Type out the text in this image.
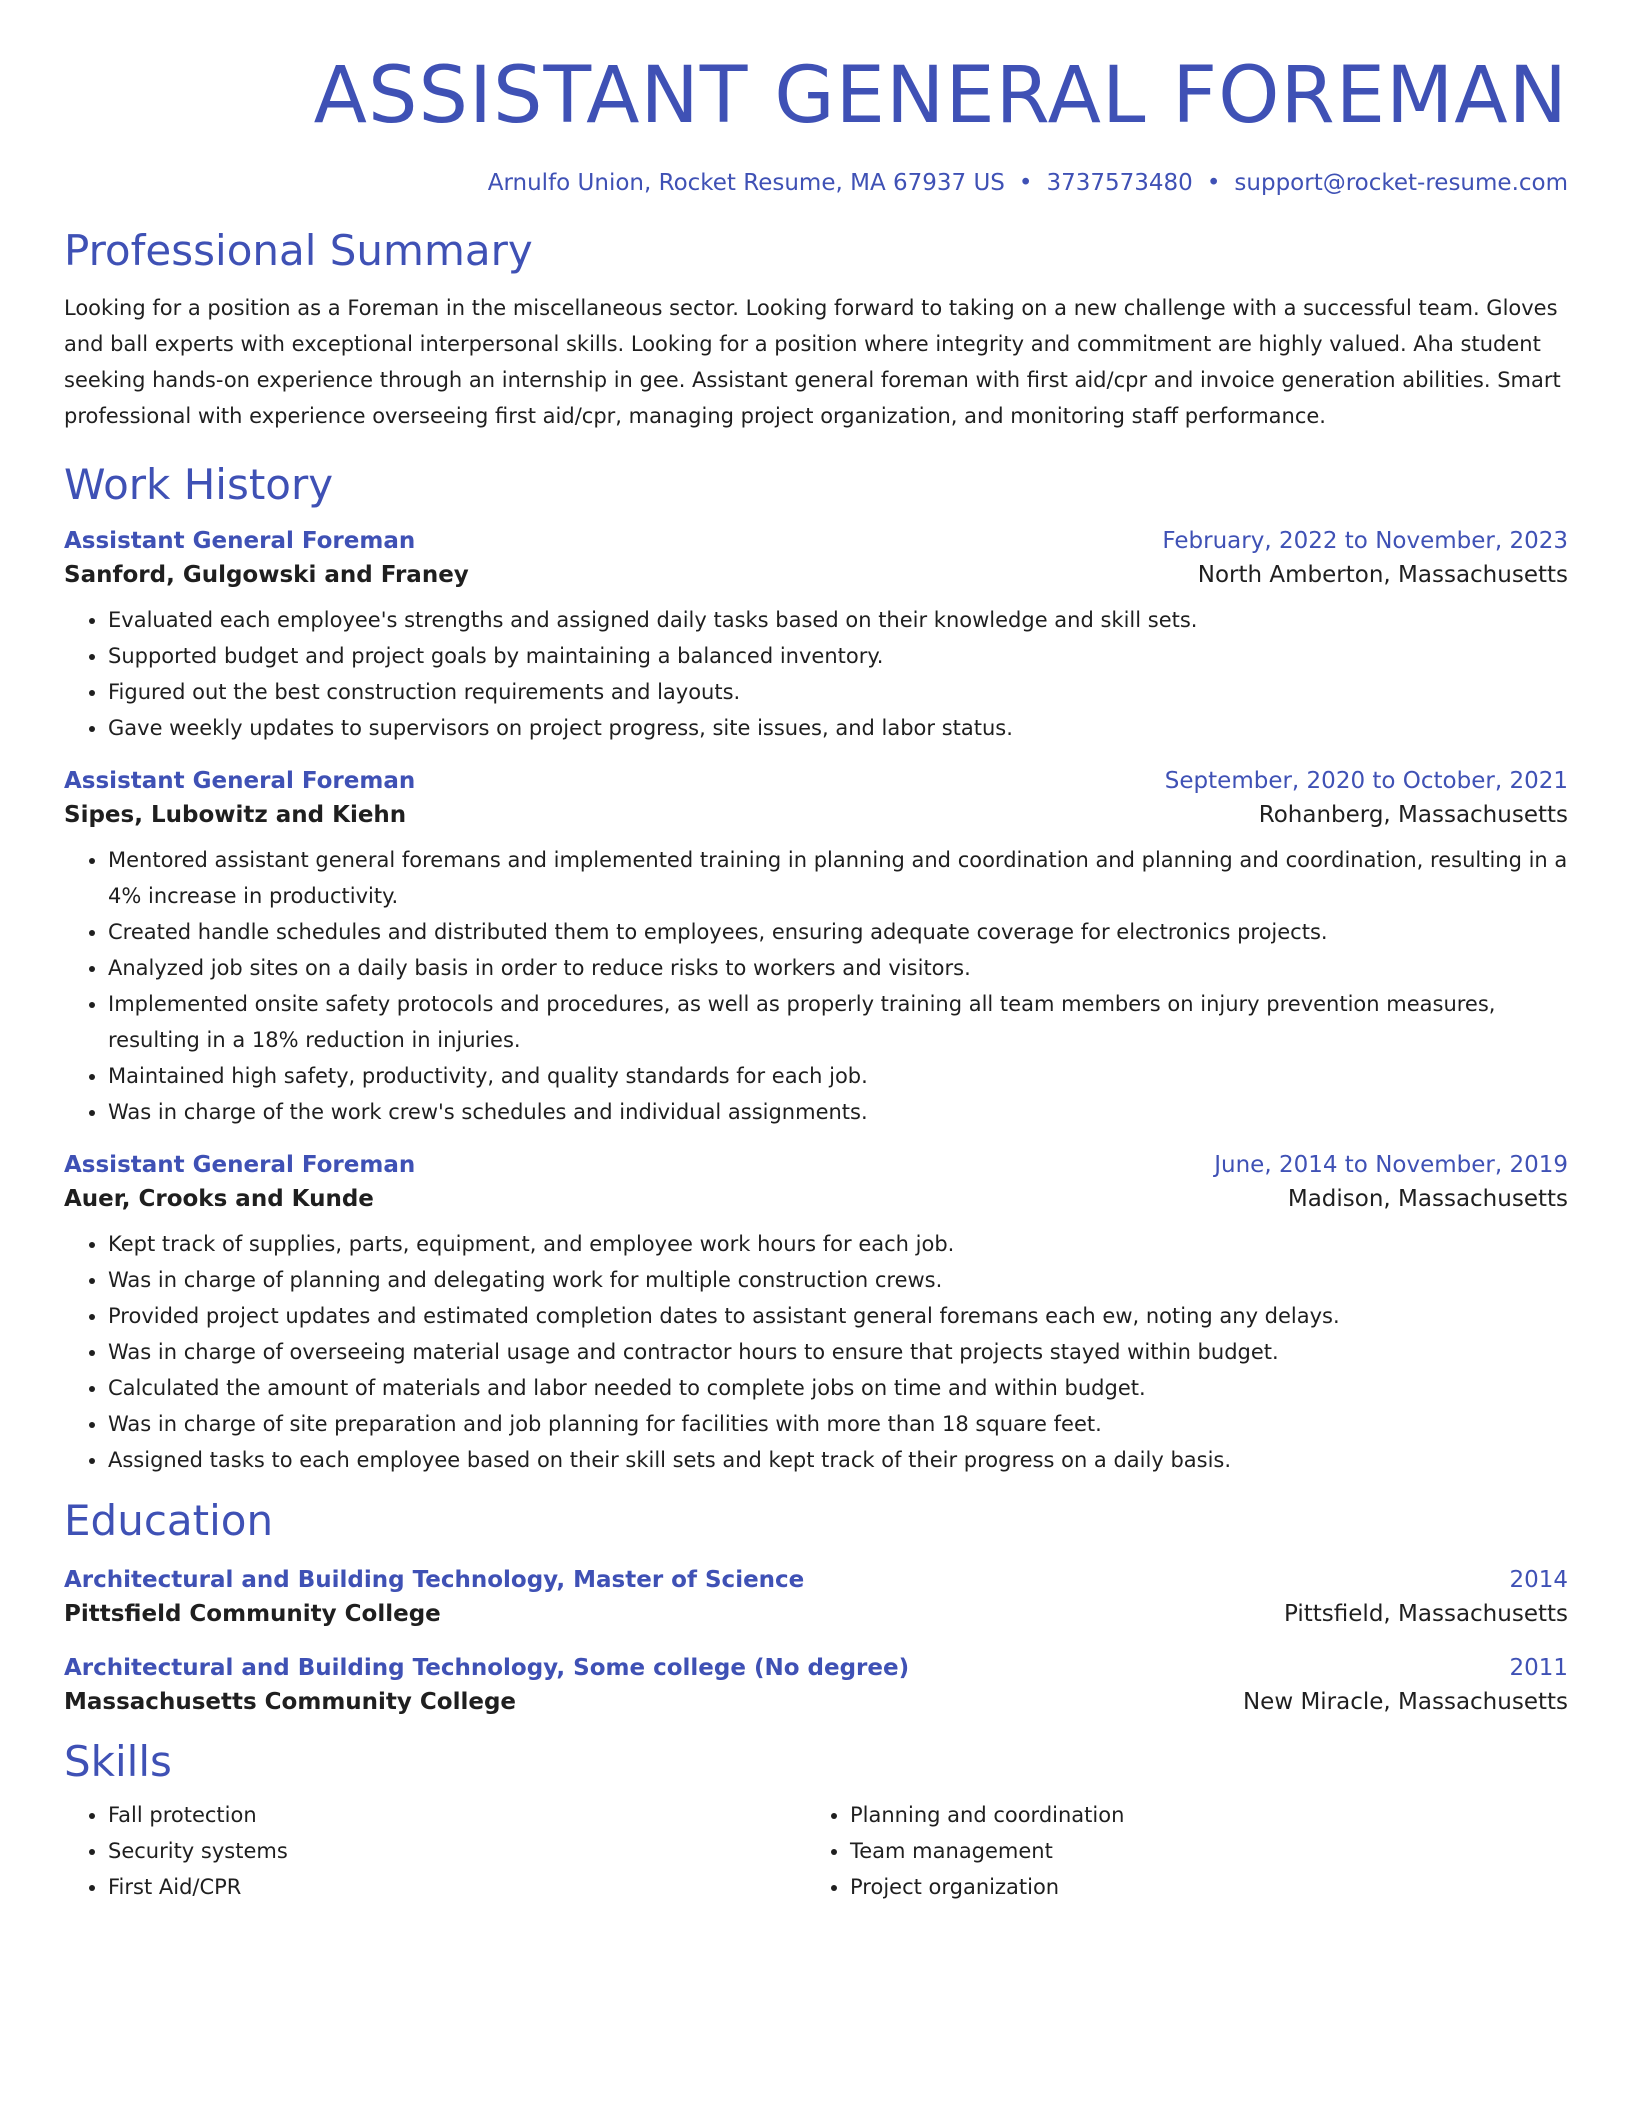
ASSISTANT GENERAL FOREMAN
Arnulfo Union, Rocket Resume, MA 67937 US • 3737573480 • support@rocket-resume.com
Professional Summary

Looking for a position as a Foreman in the miscellaneous sector. Looking forward to taking on a new challenge with a successful team. Gloves and ball experts with exceptional interpersonal skills. Looking for a position where integrity and commitment are highly valued. Aha student seeking hands-on experience through an internship in gee. Assistant general foreman with first aid/cpr and invoice generation abilities. Smart professional with experience overseeing first aid/cpr, managing project organization, and monitoring staff performance.

Work History
Assistant General Foreman	February, 2022 to November, 2023
Sanford, Gulgowski and Franey	North Amberton, Massachusetts
• Evaluated each employee's strengths and assigned daily tasks based on their knowledge and skill sets.
• Supported budget and project goals by maintaining a balanced inventory.
• Figured out the best construction requirements and layouts.
• Gave weekly updates to supervisors on project progress, site issues, and labor status.
Assistant General Foreman	September, 2020 to October, 2021
Sipes, Lubowitz and Kiehn	Rohanberg, Massachusetts
• Mentored assistant general foremans and implemented training in planning and coordination and planning and coordination, resulting in a 4% increase in productivity.
• Created handle schedules and distributed them to employees, ensuring adequate coverage for electronics projects.
• Analyzed job sites on a daily basis in order to reduce risks to workers and visitors.
• Implemented onsite safety protocols and procedures, as well as properly training all team members on injury prevention measures, resulting in a 18% reduction in injuries.
• Maintained high safety, productivity, and quality standards for each job.
• Was in charge of the work crew's schedules and individual assignments.
Assistant General Foreman	June, 2014 to November, 2019
Auer, Crooks and Kunde	Madison, Massachusetts
• Kept track of supplies, parts, equipment, and employee work hours for each job.
• Was in charge of planning and delegating work for multiple construction crews.
• Provided project updates and estimated completion dates to assistant general foremans each ew, noting any delays.
• Was in charge of overseeing material usage and contractor hours to ensure that projects stayed within budget.
• Calculated the amount of materials and labor needed to complete jobs on time and within budget.
• Was in charge of site preparation and job planning for facilities with more than 18 square feet.
• Assigned tasks to each employee based on their skill sets and kept track of their progress on a daily basis.
Education
Architectural and Building Technology, Master of Science	2014
Pittsfield Community College	Pittsfield, Massachusetts
Architectural and Building Technology, Some college (No degree)	2011
Massachusetts Community College	New Miracle, Massachusetts
Skills
• Fall protection
• Security systems
• First Aid/CPR
• Planning and coordination
• Team management
• Project organization
